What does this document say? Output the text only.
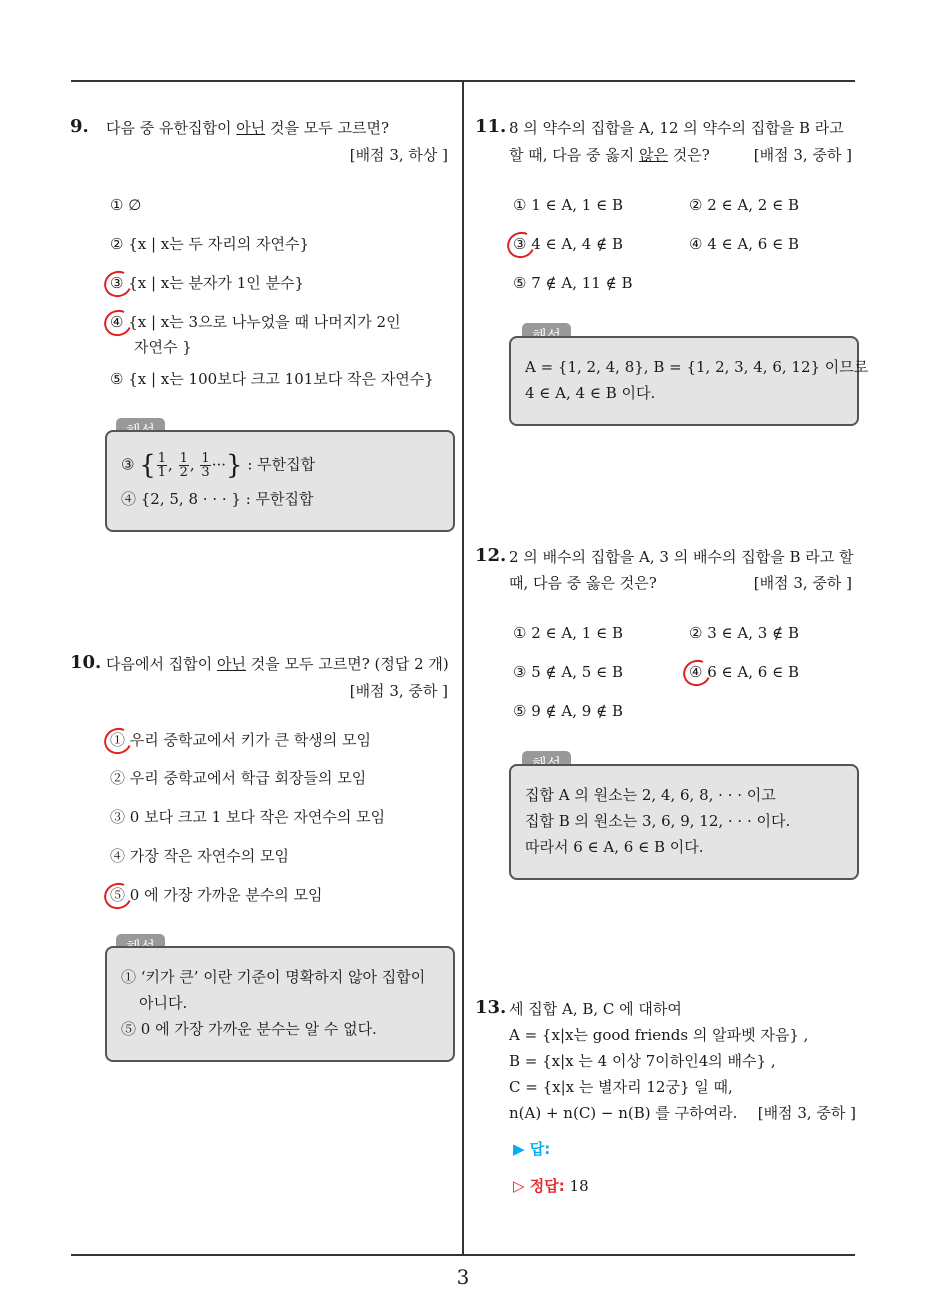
9. 다음 중 유한집합이 아닌 것을 모두 고르면?
[배점 3, 하상 ]
① ∅
② {x | x는 두 자리의 자연수}
③ {x | x는 분자가 1인 분수}
④ {x | x는 3으로 나누었을 때 나머지가 2인
자연수 }
⑤ {x | x는 100보다 크고 101보다 작은 자연수}
③ { $\frac{1}{1}$ , $\frac{1}{2}$ , $\frac{1}{3}$ ···} : 무한집합
④ {2, 5, 8 · · · } : 무한집합
10. 다음에서 집합이 아닌 것을 모두 고르면? (정답 2 개)
[배점 3, 중하 ]
① 우리 중학교에서 키가 큰 학생의 모임
② 우리 중학교에서 학급 회장들의 모임
③ 0 보다 크고 1 보다 작은 자연수의 모임
④ 가장 작은 자연수의 모임
⑤ 0 에 가장 가까운 분수의 모임
① ‘키가 큰’ 이란 기준이 명확하지 않아 집합이
아니다.
⑤ 0 에 가장 가까운 분수는 알 수 없다.
11. 8 의 약수의 집합을 A, 12 의 약수의 집합을 B 라고
할 때, 다음 중 옳지 않은 것은?	[배점 3, 중하 ]
① 1 ∈ A, 1 ∈ B	② 2 ∈ A, 2 ∈ B
③ 4 ∈ A, 4 ∉ B	④ 4 ∈ A, 6 ∈ B
⑤ 7 ∉ A, 11 ∉ B
A = {1, 2, 4, 8}, B = {1, 2, 3, 4, 6, 12} 이므로
4 ∈ A, 4 ∈ B 이다.
12. 2 의 배수의 집합을 A, 3 의 배수의 집합을 B 라고 할
때, 다음 중 옳은 것은?	[배점 3, 중하 ]
① 2 ∈ A, 1 ∈ B	② 3 ∈ A, 3 ∉ B
③ 5 ∉ A, 5 ∈ B	④ 6 ∈ A, 6 ∈ B
⑤ 9 ∉ A, 9 ∉ B
집합 A 의 원소는 2, 4, 6, 8, · · · 이고
집합 B 의 원소는 3, 6, 9, 12, · · · 이다.
따라서 6 ∈ A, 6 ∈ B 이다.
13. 세 집합 A, B, C 에 대하여
A = {x|x는 good friends 의 알파벳 자음} ,
B = {x|x 는 4 이상 7이하인4의 배수} ,
C = {x|x 는 별자리 12궁} 일 때,
n(A) + n(C) − n(B) 를 구하여라. [배점 3, 중하 ]
▶ 답:
▷ 정답: 18
3
